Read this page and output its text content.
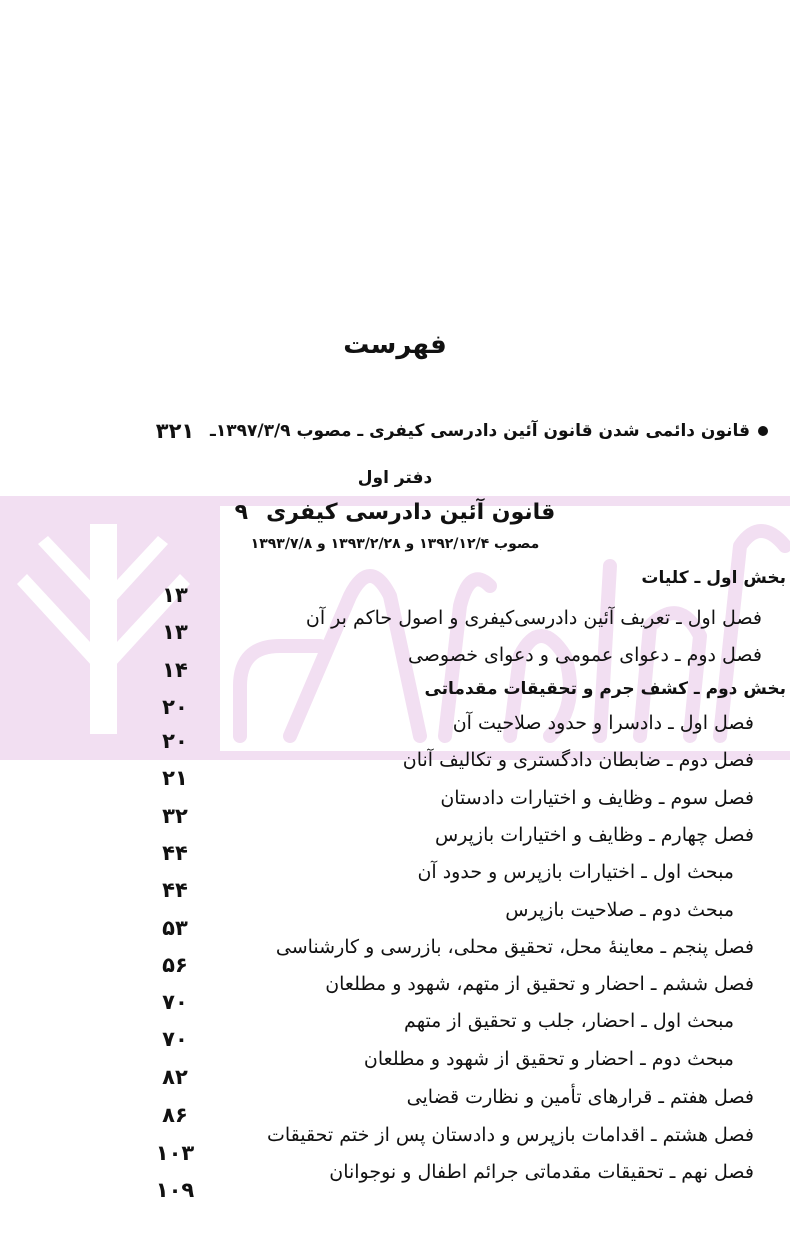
فهرست
قانون دائمی شدن قانون آئین دادرسی کیفری ـ مصوب ۱۳۹۷/۳/۹ـ
۳۲۱
دفتر اول
قانون آئین دادرسی کیفری۹
مصوب ۱۳۹۲/۱۲/۴ و ۱۳۹۳/۲/۲۸ و ۱۳۹۳/۷/۸
بخش اول ـ کلیات
۱۳
فصل اول ـ تعریف آئین دادرسی‌کیفری و اصول حاکم بر آن
۱۳
فصل دوم ـ دعوای عمومی و دعوای خصوصی
۱۴
بخش دوم ـ کشف جرم و تحقیقات مقدماتی
۲۰
فصل اول ـ دادسرا و حدود صلاحیت آن
۲۰
فصل دوم ـ ضابطان دادگستری و تکالیف آنان
۲۱
فصل سوم ـ وظایف و اختیارات دادستان
۳۲
فصل چهارم ـ وظایف و اختیارات بازپرس
۴۴
مبحث اول ـ اختیارات بازپرس و حدود آن
۴۴
مبحث دوم ـ صلاحیت بازپرس
۵۳
فصل پنجم ـ معاینهٔ محل، تحقیق محلی، بازرسی و کارشناسی
۵۶
فصل ششم ـ احضار و تحقیق از متهم، شهود و مطلعان
۷۰
مبحث اول ـ احضار، جلب و تحقیق از متهم
۷۰
مبحث دوم ـ احضار و تحقیق از شهود و مطلعان
۸۲
فصل هفتم ـ قرارهای تأمین و نظارت قضایی
۸۶
فصل هشتم ـ اقدامات بازپرس و دادستان پس از ختم تحقیقات
۱۰۳
فصل نهم ـ تحقیقات مقدماتی جرائم اطفال و نوجوانان
۱۰۹
